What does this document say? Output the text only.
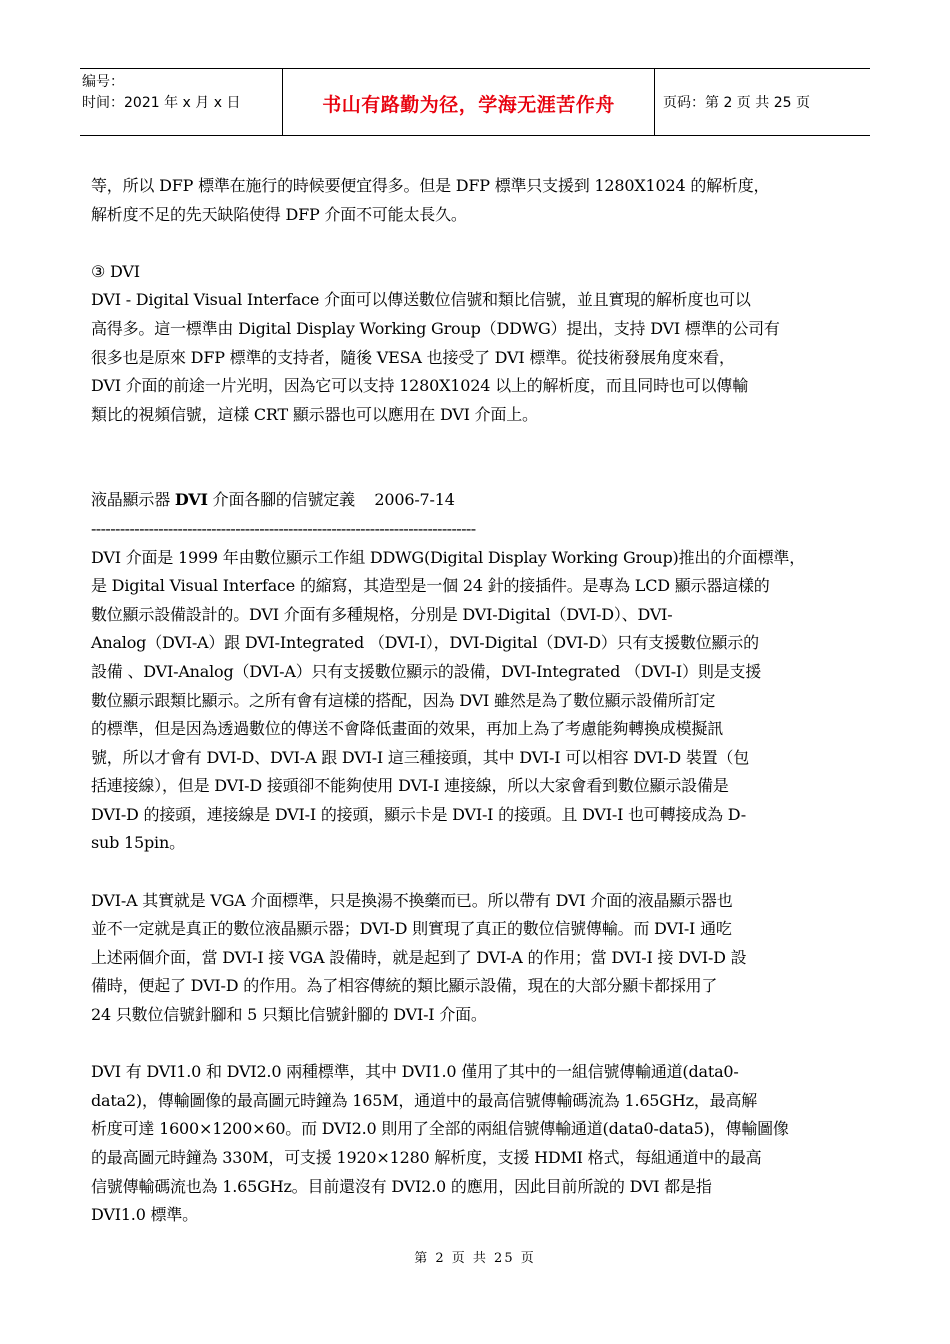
编号：
时间：2021 年 x 月 x 日	书山有路勤为径，学海无涯苦作舟	页码：第 2 页 共 25 页

等，所以 DFP 標準在施行的時候要便宜得多。但是 DFP 標準只支援到 1280X1024 的解析度，
解析度不足的先天缺陷使得 DFP 介面不可能太長久。

③ DVI

DVI - Digital Visual Interface 介面可以傳送數位信號和類比信號，並且實現的解析度也可以
高得多。這一標準由 Digital Display Working Group（DDWG）提出，支持 DVI 標準的公司有
很多也是原來 DFP 標準的支持者，隨後 VESA 也接受了 DVI 標準。從技術發展角度來看，
DVI 介面的前途一片光明，因為它可以支持 1280X1024 以上的解析度，而且同時也可以傳輸
類比的視頻信號，這樣 CRT 顯示器也可以應用在 DVI 介面上。

液晶顯示器 DVI 介面各腳的信號定義    2006-7-14

--------------------------------------------------------------------------------

DVI 介面是 1999 年由數位顯示工作組 DDWG(Digital Display Working Group)推出的介面標準，
是 Digital Visual Interface 的縮寫，其造型是一個 24 針的接插件。是專為 LCD 顯示器這樣的
數位顯示設備設計的。DVI 介面有多種規格，分別是 DVI-Digital（DVI-D）、DVI-
Analog（DVI-A）跟 DVI-Integrated （DVI-I），DVI-Digital（DVI-D）只有支援數位顯示的
設備 、DVI-Analog（DVI-A）只有支援數位顯示的設備，DVI-Integrated （DVI-I）則是支援
數位顯示跟類比顯示。之所有會有這樣的搭配，因為 DVI 雖然是為了數位顯示設備所訂定
的標準，但是因為透過數位的傳送不會降低畫面的效果，再加上為了考慮能夠轉換成模擬訊
號，所以才會有 DVI-D、DVI-A 跟 DVI-I 這三種接頭，其中 DVI-I 可以相容 DVI-D 裝置（包
括連接線），但是 DVI-D 接頭卻不能夠使用 DVI-I 連接線，所以大家會看到數位顯示設備是
DVI-D 的接頭，連接線是 DVI-I 的接頭，顯示卡是 DVI-I 的接頭。且 DVI-I 也可轉接成為 D-
sub 15pin。

DVI-A 其實就是 VGA 介面標準，只是換湯不換藥而已。所以帶有 DVI 介面的液晶顯示器也
並不一定就是真正的數位液晶顯示器；DVI-D 則實現了真正的數位信號傳輸。而 DVI-I 通吃
上述兩個介面，當 DVI-I 接 VGA 設備時，就是起到了 DVI-A 的作用；當 DVI-I 接 DVI-D 設
備時，便起了 DVI-D 的作用。為了相容傳統的類比顯示設備，現在的大部分顯卡都採用了
24 只數位信號針腳和 5 只類比信號針腳的 DVI-I 介面。

DVI 有 DVI1.0 和 DVI2.0 兩種標準，其中 DVI1.0 僅用了其中的一組信號傳輸通道(data0-
data2)，傳輸圖像的最高圖元時鐘為 165M，通道中的最高信號傳輸碼流為 1.65GHz，最高解
析度可達 1600×1200×60。而 DVI2.0 則用了全部的兩組信號傳輸通道(data0-data5)，傳輸圖像
的最高圖元時鐘為 330M，可支援 1920×1280 解析度，支援 HDMI 格式，每組通道中的最高
信號傳輸碼流也為 1.65GHz。目前還沒有 DVI2.0 的應用，因此目前所說的 DVI 都是指
DVI1.0 標準。

第 2 页 共 25 页
